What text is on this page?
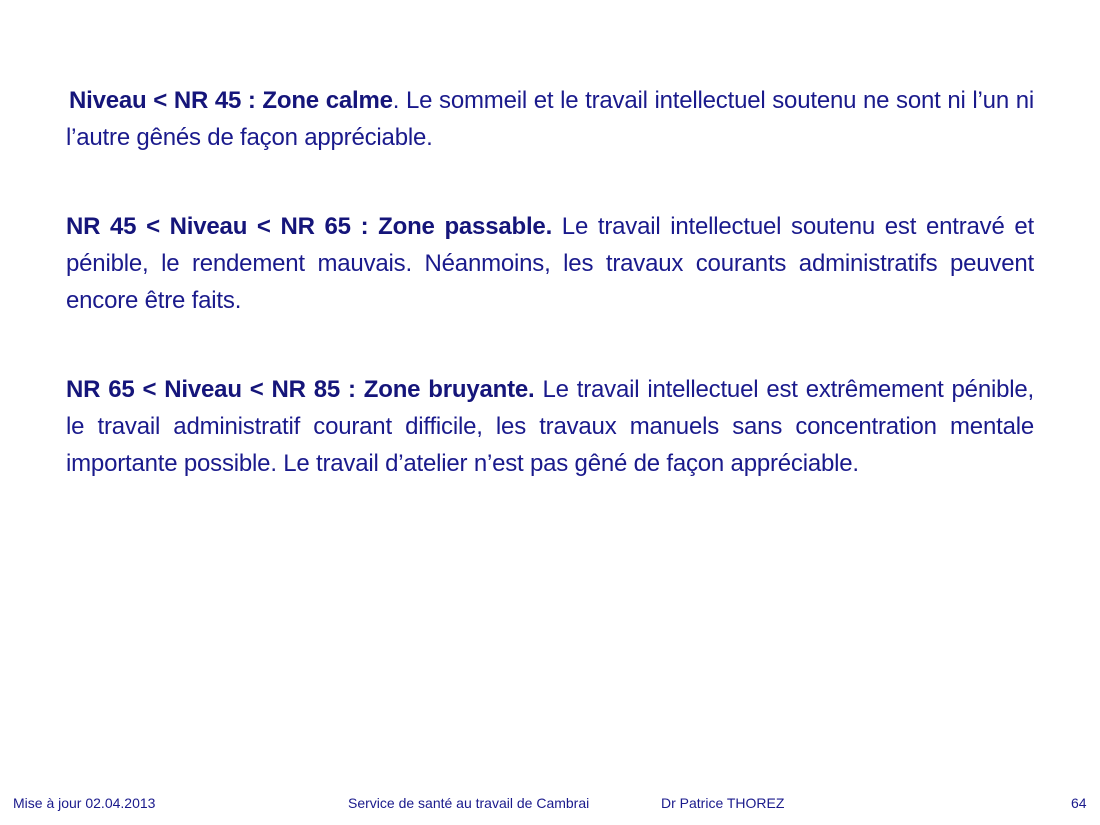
Niveau < NR 45 : Zone calme. Le sommeil et le travail intellectuel soutenu ne sont ni l’un ni l’autre gênés de façon appréciable.

NR 45 < Niveau < NR 65 : Zone passable. Le travail intellectuel soutenu est entravé et pénible, le rendement mauvais. Néanmoins, les travaux courants administratifs peuvent encore être faits.

NR 65 < Niveau < NR 85 : Zone bruyante. Le travail intellectuel est extrêmement pénible, le travail administratif courant difficile, les travaux manuels sans concentration mentale importante possible. Le travail d’atelier n’est pas gêné de façon appréciable.

Mise à jour 02.04.2013	Service de santé au travail de Cambrai	Dr Patrice THOREZ	64
